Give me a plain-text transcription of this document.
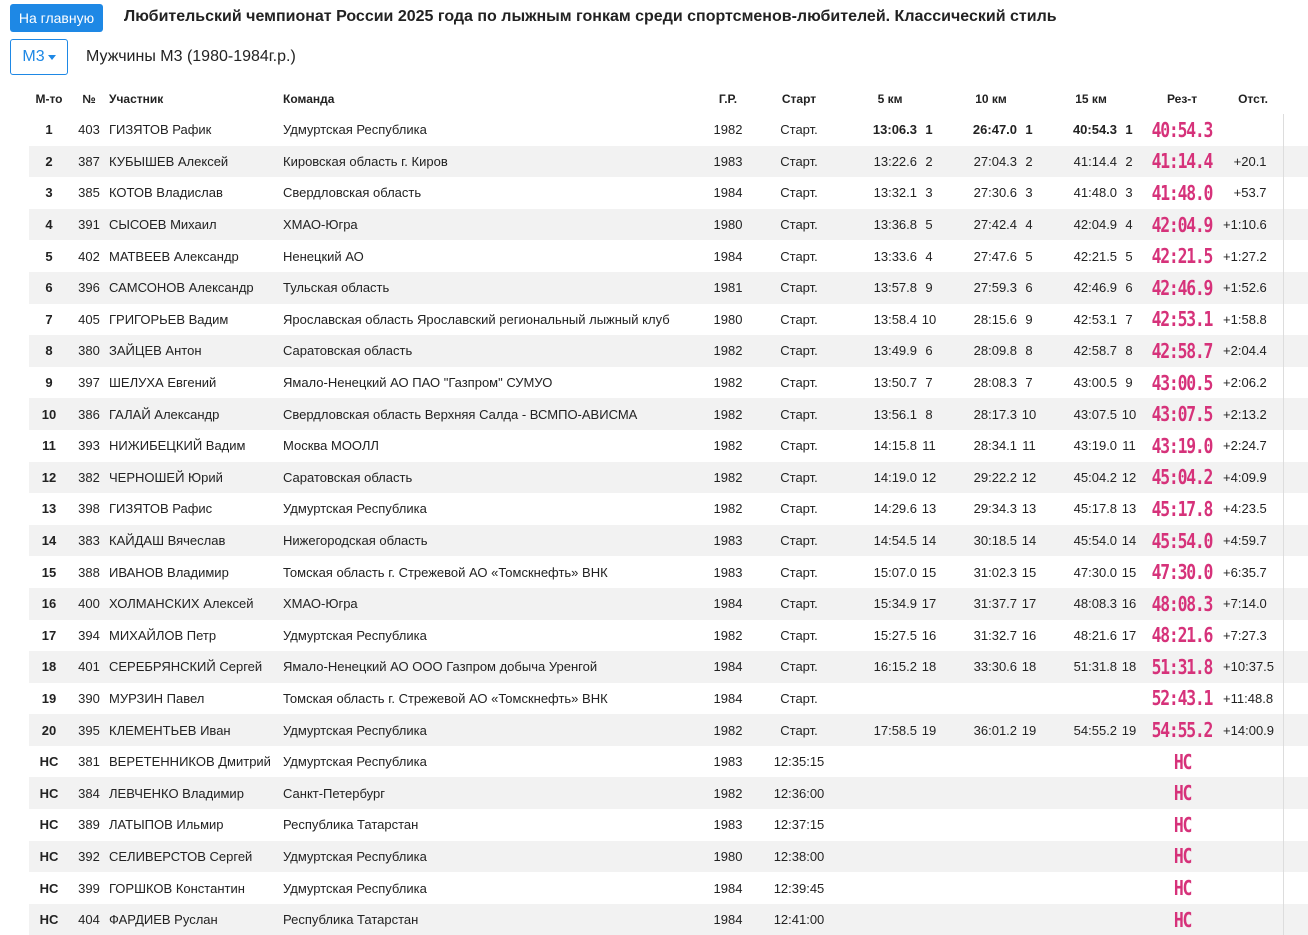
На главную	Любительский чемпионат России 2025 года по лыжным гонкам среди спортсменов-любителей. Классический стиль
М3	Мужчины М3 (1980-1984г.р.)
М-то	№	Участник	Команда	Г.Р.	Старт	5 км		10 км		15 км		Рез-т	Отст.	
1	403	ГИЗЯТОВ Рафик	Удмуртская Республика	1982	Старт.	13:06.3	1	26:47.0	1	40:54.3	1	40:54.3		
2	387	КУБЫШЕВ Алексей	Кировская область г. Киров	1983	Старт.	13:22.6	2	27:04.3	2	41:14.4	2	41:14.4	+20.1	
3	385	КОТОВ Владислав	Свердловская область	1984	Старт.	13:32.1	3	27:30.6	3	41:48.0	3	41:48.0	+53.7	
4	391	СЫСОЕВ Михаил	ХМАО-Югра	1980	Старт.	13:36.8	5	27:42.4	4	42:04.9	4	42:04.9	+1:10.6	
5	402	МАТВЕЕВ Александр	Ненецкий АО	1984	Старт.	13:33.6	4	27:47.6	5	42:21.5	5	42:21.5	+1:27.2	
6	396	САМСОНОВ Александр	Тульская область	1981	Старт.	13:57.8	9	27:59.3	6	42:46.9	6	42:46.9	+1:52.6	
7	405	ГРИГОРЬЕВ Вадим	Ярославская область Ярославский региональный лыжный клуб	1980	Старт.	13:58.4	10	28:15.6	9	42:53.1	7	42:53.1	+1:58.8	
8	380	ЗАЙЦЕВ Антон	Саратовская область	1982	Старт.	13:49.9	6	28:09.8	8	42:58.7	8	42:58.7	+2:04.4	
9	397	ШЕЛУХА Евгений	Ямало-Ненецкий АО ПАО "Газпром" СУМУО	1982	Старт.	13:50.7	7	28:08.3	7	43:00.5	9	43:00.5	+2:06.2	
10	386	ГАЛАЙ Александр	Свердловская область Верхняя Салда - ВСМПО-АВИСМА	1982	Старт.	13:56.1	8	28:17.3	10	43:07.5	10	43:07.5	+2:13.2	
11	393	НИЖИБЕЦКИЙ Вадим	Москва МООЛЛ	1982	Старт.	14:15.8	11	28:34.1	11	43:19.0	11	43:19.0	+2:24.7	
12	382	ЧЕРНОШЕЙ Юрий	Саратовская область	1982	Старт.	14:19.0	12	29:22.2	12	45:04.2	12	45:04.2	+4:09.9	
13	398	ГИЗЯТОВ Рафис	Удмуртская Республика	1982	Старт.	14:29.6	13	29:34.3	13	45:17.8	13	45:17.8	+4:23.5	
14	383	КАЙДАШ Вячеслав	Нижегородская область	1983	Старт.	14:54.5	14	30:18.5	14	45:54.0	14	45:54.0	+4:59.7	
15	388	ИВАНОВ Владимир	Томская область г. Стрежевой АО «Томскнефть» ВНК	1983	Старт.	15:07.0	15	31:02.3	15	47:30.0	15	47:30.0	+6:35.7	
16	400	ХОЛМАНСКИХ Алексей	ХМАО-Югра	1984	Старт.	15:34.9	17	31:37.7	17	48:08.3	16	48:08.3	+7:14.0	
17	394	МИХАЙЛОВ Петр	Удмуртская Республика	1982	Старт.	15:27.5	16	31:32.7	16	48:21.6	17	48:21.6	+7:27.3	
18	401	СЕРЕБРЯНСКИЙ Сергей	Ямало-Ненецкий АО ООО Газпром добыча Уренгой	1984	Старт.	16:15.2	18	33:30.6	18	51:31.8	18	51:31.8	+10:37.5	
19	390	МУРЗИН Павел	Томская область г. Стрежевой АО «Томскнефть» ВНК	1984	Старт.							52:43.1	+11:48.8	
20	395	КЛЕМЕНТЬЕВ Иван	Удмуртская Республика	1982	Старт.	17:58.5	19	36:01.2	19	54:55.2	19	54:55.2	+14:00.9	
НС	381	ВЕРЕТЕННИКОВ Дмитрий	Удмуртская Республика	1983	12:35:15							НС		
НС	384	ЛЕВЧЕНКО Владимир	Санкт-Петербург	1982	12:36:00							НС		
НС	389	ЛАТЫПОВ Ильмир	Республика Татарстан	1983	12:37:15							НС		
НС	392	СЕЛИВЕРСТОВ Сергей	Удмуртская Республика	1980	12:38:00							НС		
НС	399	ГОРШКОВ Константин	Удмуртская Республика	1984	12:39:45							НС		
НС	404	ФАРДИЕВ Руслан	Республика Татарстан	1984	12:41:00							НС		
